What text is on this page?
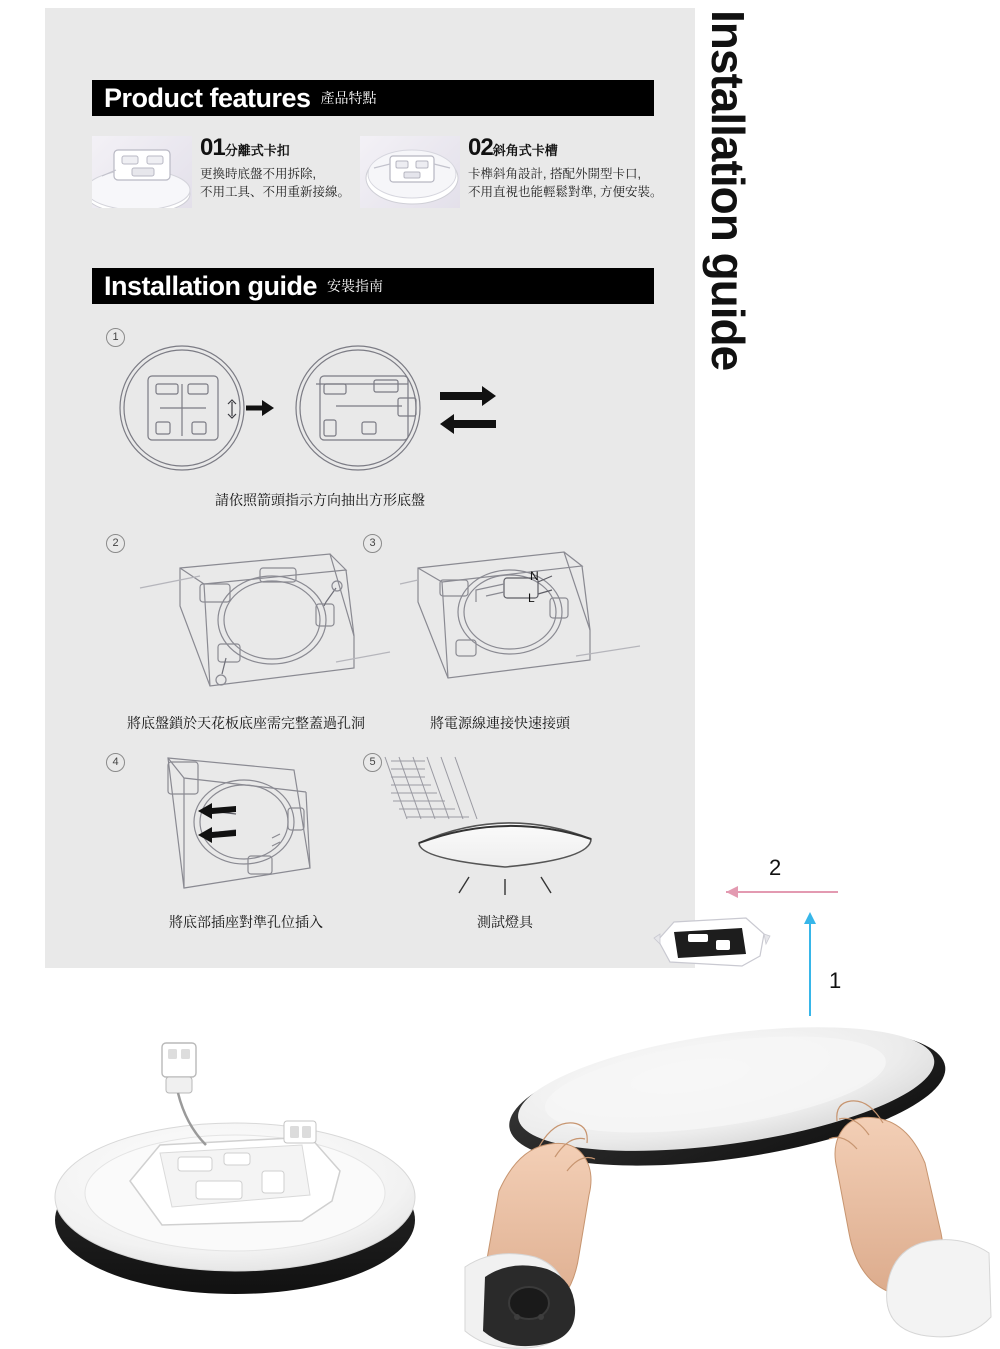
Installation guide
Product features 產品特點
01分離式卡扣
更換時底盤不用拆除,
不用工具、不用重新接線。
02斜角式卡槽
卡榫斜角設計, 搭配外開型卡口,
不用直視也能輕鬆對準, 方便安裝。
Installation guide 安裝指南
1
請依照箭頭指示方向抽出方形底盤
2
將底盤鎖於天花板底座需完整蓋過孔洞
3
N
L
將電源線連接快速接頭
4
將底部插座對準孔位插入
5
測試燈具
2
1
